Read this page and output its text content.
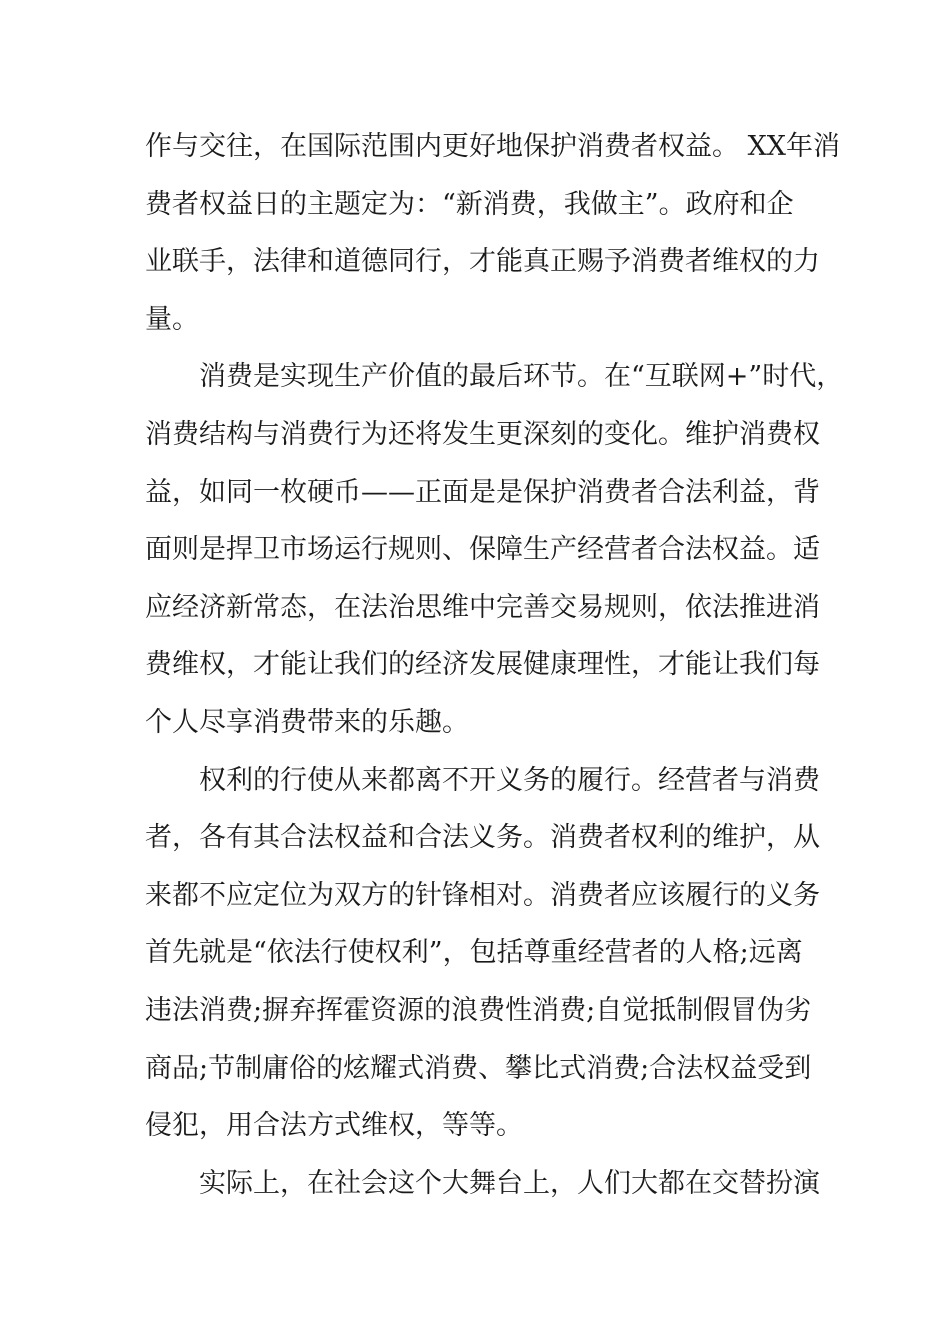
作与交往，在国际范围内更好地保护消费者权益。 XX年消
费者权益日的主题定为：“新消费，我做主”。政府和企
业联手，法律和道德同行，才能真正赐予消费者维权的力
量。
消费是实现生产价值的最后环节。在“互联网+”时代，
消费结构与消费行为还将发生更深刻的变化。维护消费权
益，如同一枚硬币——正面是是保护消费者合法利益，背
面则是捍卫市场运行规则、保障生产经营者合法权益。适
应经济新常态，在法治思维中完善交易规则，依法推进消
费维权，才能让我们的经济发展健康理性，才能让我们每
个人尽享消费带来的乐趣。
权利的行使从来都离不开义务的履行。经营者与消费
者，各有其合法权益和合法义务。消费者权利的维护，从
来都不应定位为双方的针锋相对。消费者应该履行的义务
首先就是“依法行使权利”，包括尊重经营者的人格;远离
违法消费;摒弃挥霍资源的浪费性消费;自觉抵制假冒伪劣
商品;节制庸俗的炫耀式消费、攀比式消费;合法权益受到
侵犯，用合法方式维权，等等。
实际上，在社会这个大舞台上，人们大都在交替扮演
